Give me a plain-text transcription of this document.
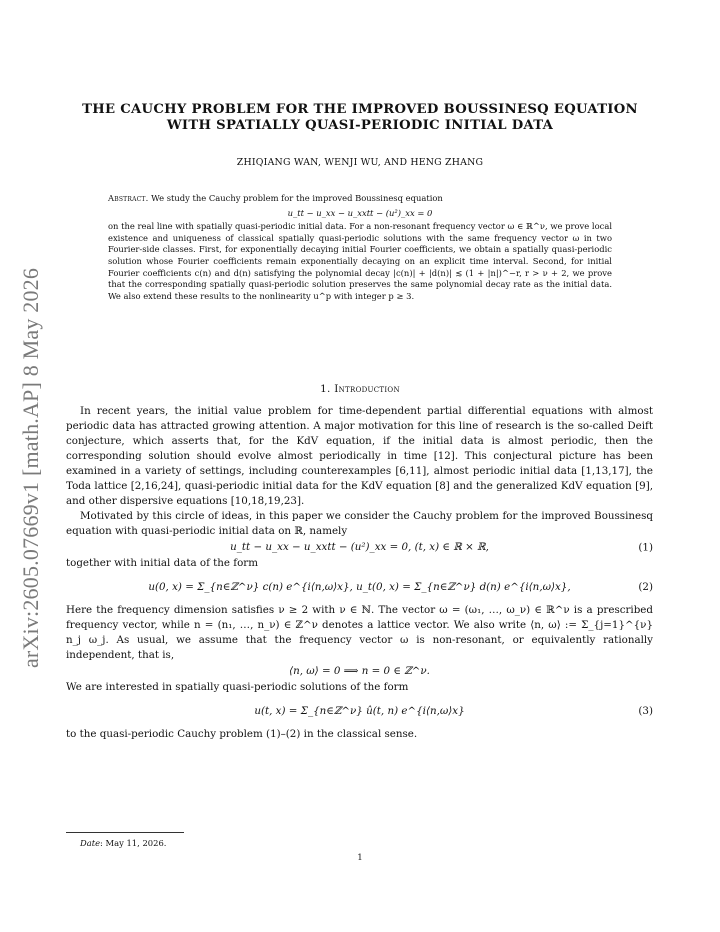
arXiv:2605.07669v1 [math.AP] 8 May 2026
THE CAUCHY PROBLEM FOR THE IMPROVED BOUSSINESQ EQUATION
WITH SPATIALLY QUASI-PERIODIC INITIAL DATA
ZHIQIANG WAN, WENJI WU, AND HENG ZHANG

Abstract. We study the Cauchy problem for the improved Boussinesq equation

u_tt − u_xx − u_xxtt − (u²)_xx = 0

on the real line with spatially quasi-periodic initial data. For a non-resonant frequency vector ω ∈ ℝ^ν, we prove local existence and uniqueness of classical spatially quasi-periodic solutions with the same frequency vector ω in two Fourier-side classes. First, for exponentially decaying initial Fourier coefficients, we obtain a spatially quasi-periodic solution whose Fourier coefficients remain exponentially decaying on an explicit time interval. Second, for initial Fourier coefficients c(n) and d(n) satisfying the polynomial decay |c(n)| + |d(n)| ≲ (1 + |n|)^−r, r > ν + 2, we prove that the corresponding spatially quasi-periodic solution preserves the same polynomial decay rate as the initial data. We also extend these results to the nonlinearity u^p with integer p ≥ 3.

1. Introduction

In recent years, the initial value problem for time-dependent partial differential equations with almost periodic data has attracted growing attention. A major motivation for this line of research is the so-called Deift conjecture, which asserts that, for the KdV equation, if the initial data is almost periodic, then the corresponding solution should evolve almost periodically in time [12]. This conjectural picture has been examined in a variety of settings, including counterexamples [6,11], almost periodic initial data [1,13,17], the Toda lattice [2,16,24], quasi-periodic initial data for the KdV equation [8] and the generalized KdV equation [9], and other dispersive equations [10,18,19,23].

Motivated by this circle of ideas, in this paper we consider the Cauchy problem for the improved Boussinesq equation with quasi-periodic initial data on ℝ, namely

u_tt − u_xx − u_xxtt − (u²)_xx = 0, (t, x) ∈ ℝ × ℝ,	(1)

together with initial data of the form

u(0, x) = Σ_{n∈ℤ^ν} c(n) e^{i⟨n,ω⟩x}, u_t(0, x) = Σ_{n∈ℤ^ν} d(n) e^{i⟨n,ω⟩x},	(2)

Here the frequency dimension satisfies ν ≥ 2 with ν ∈ ℕ. The vector ω = (ω₁, …, ω_ν) ∈ ℝ^ν is a prescribed frequency vector, while n = (n₁, …, n_ν) ∈ ℤ^ν denotes a lattice vector. We also write ⟨n, ω⟩ := Σ_{j=1}^{ν} n_j ω_j. As usual, we assume that the frequency vector ω is non-resonant, or equivalently rationally independent, that is,

⟨n, ω⟩ = 0 ⟹ n = 0 ∈ ℤ^ν.

We are interested in spatially quasi-periodic solutions of the form

u(t, x) = Σ_{n∈ℤ^ν} û(t, n) e^{i⟨n,ω⟩x}	(3)

to the quasi-periodic Cauchy problem (1)–(2) in the classical sense.

Date: May 11, 2026.
1
